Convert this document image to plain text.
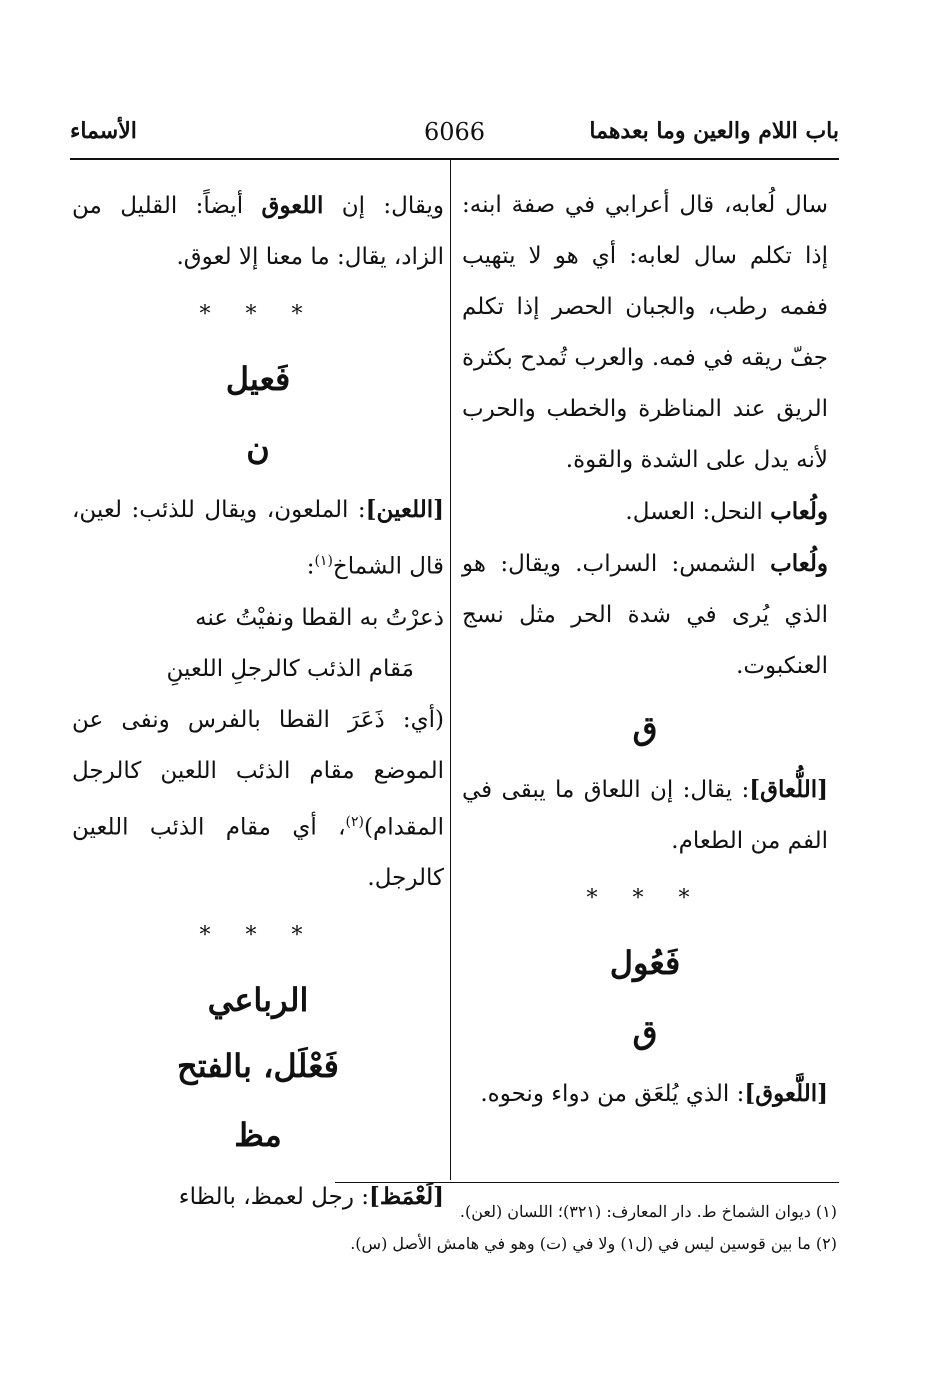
باب اللام والعين وما بعدهما
6066
الأسماء

سال لُعابه، قال أعرابي في صفة ابنه: إذا تكلم سال لعابه: أي هو لا يتهيب ففمه رطب، والجبان الحصر إذا تكلم جفّ ريقه في فمه. والعرب تُمدح بكثرة الريق عند المناظرة والخطب والحرب لأنه يدل على الشدة والقوة.

ولُعاب النحل: العسل.

ولُعاب الشمس: السراب. ويقال: هو الذي يُرى في شدة الحر مثل نسج العنكبوت.

ق

[اللُّعاق]: يقال: إن اللعاق ما يبقى في الفم من الطعام.

* * *

فَعُول

ق

[اللَّعوق]: الذي يُلعَق من دواء ونحوه.

ويقال: إن اللعوق أيضاً: القليل من الزاد، يقال: ما معنا إلا لعوق.

* * *

فَعيل

ن

[اللعين]: الملعون، ويقال للذئب: لعين، قال الشماخ$^{(١)}$:

ذعرْتُ به القطا ونفيْتُ عنه

مَقام الذئب كالرجلِ اللعينِ

(أي: ذَعَرَ القطا بالفرس ونفى عن الموضع مقام الذئب اللعين كالرجل المقدام)$^{(٢)}$، أي مقام الذئب اللعين كالرجل.

* * *

الرباعي

فَعْلَل، بالفتح

مظ

[لَعْمَظ]: رجل لعمظ، بالظاء

(١) ديوان الشماخ ط. دار المعارف: (٣٢١)؛ اللسان (لعن).

(٢) ما بين قوسين ليس في (ل١) ولا في (ت) وهو في هامش الأصل (س).
